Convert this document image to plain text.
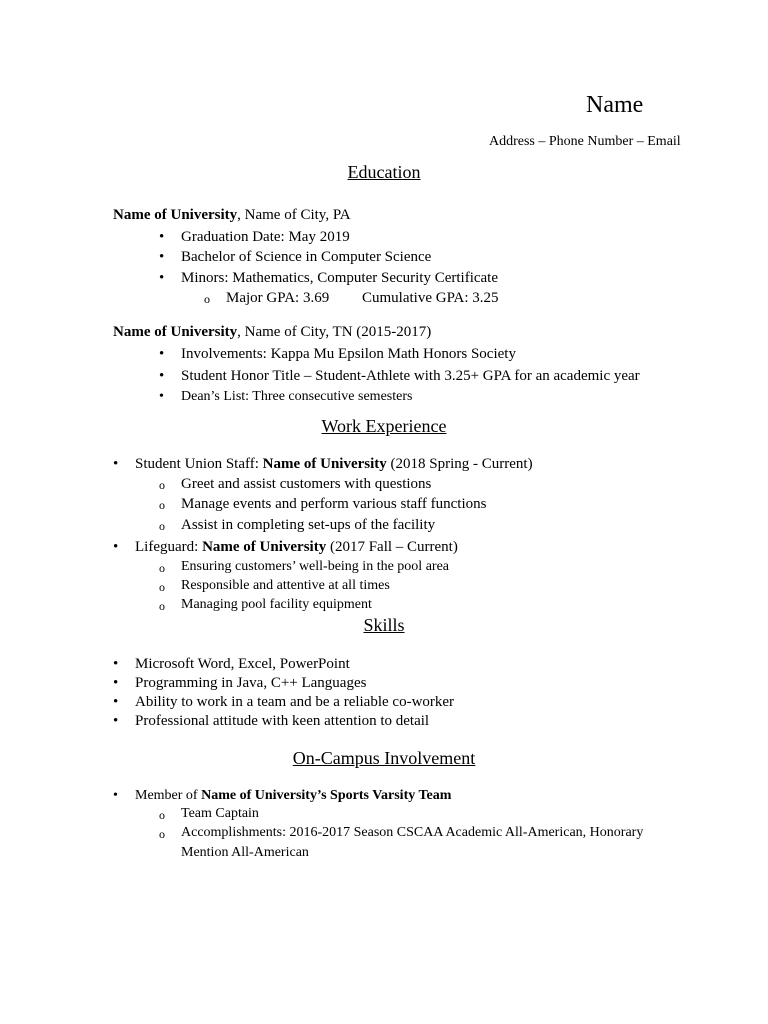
Name
Address – Phone Number – Email
Education
Name of University, Name of City, PA
• Graduation Date: May 2019
• Bachelor of Science in Computer Science
• Minors: Mathematics, Computer Security Certificate
o Major GPA: 3.69 Cumulative GPA: 3.25
Name of University, Name of City, TN (2015-2017)
• Involvements: Kappa Mu Epsilon Math Honors Society
• Student Honor Title – Student-Athlete with 3.25+ GPA for an academic year
• Dean’s List: Three consecutive semesters
Work Experience
• Student Union Staff: Name of University (2018 Spring - Current)
o Greet and assist customers with questions
o Manage events and perform various staff functions
o Assist in completing set-ups of the facility
• Lifeguard: Name of University (2017 Fall – Current)
o Ensuring customers’ well-being in the pool area
o Responsible and attentive at all times
o Managing pool facility equipment
Skills
• Microsoft Word, Excel, PowerPoint
• Programming in Java, C++ Languages
• Ability to work in a team and be a reliable co-worker
• Professional attitude with keen attention to detail
On-Campus Involvement
• Member of Name of University’s Sports Varsity Team
o Team Captain
o Accomplishments: 2016-2017 Season CSCAA Academic All-American, Honorary
Mention All-American
